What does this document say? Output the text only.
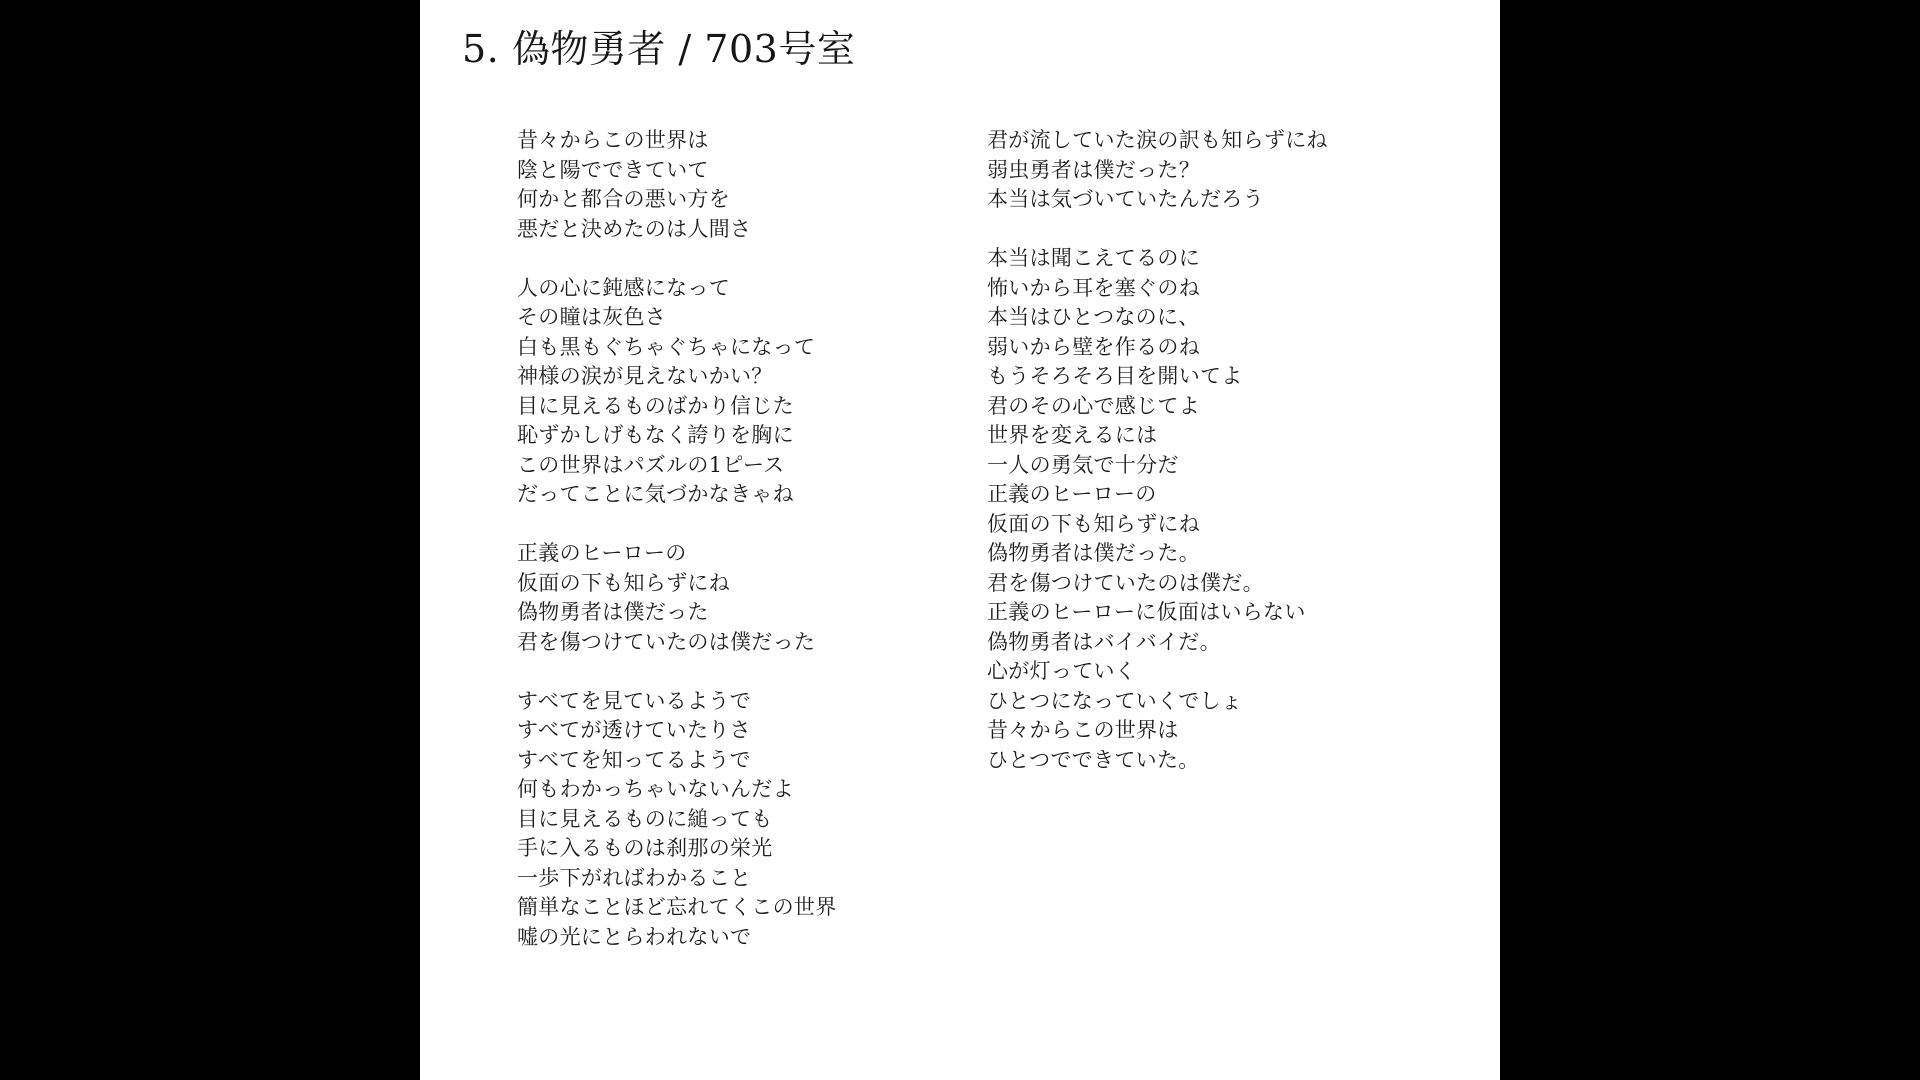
5. 偽物勇者 / 703号室
昔々からこの世界は
陰と陽でできていて
何かと都合の悪い方を
悪だと決めたのは人間さ
人の心に鈍感になって
その瞳は灰色さ
白も黒もぐちゃぐちゃになって
神様の涙が見えないかい？
目に見えるものばかり信じた
恥ずかしげもなく誇りを胸に
この世界はパズルの1ピース
だってことに気づかなきゃね
正義のヒーローの
仮面の下も知らずにね
偽物勇者は僕だった
君を傷つけていたのは僕だった
すべてを見ているようで
すべてが透けていたりさ
すべてを知ってるようで
何もわかっちゃいないんだよ
目に見えるものに縋っても
手に入るものは刹那の栄光
一歩下がればわかること
簡単なことほど忘れてくこの世界
嘘の光にとらわれないで
君が流していた涙の訳も知らずにね
弱虫勇者は僕だった？
本当は気づいていたんだろう
本当は聞こえてるのに
怖いから耳を塞ぐのね
本当はひとつなのに、
弱いから壁を作るのね
もうそろそろ目を開いてよ
君のその心で感じてよ
世界を変えるには
一人の勇気で十分だ
正義のヒーローの
仮面の下も知らずにね
偽物勇者は僕だった。
君を傷つけていたのは僕だ。
正義のヒーローに仮面はいらない
偽物勇者はバイバイだ。
心が灯っていく
ひとつになっていくでしょ
昔々からこの世界は
ひとつでできていた。
